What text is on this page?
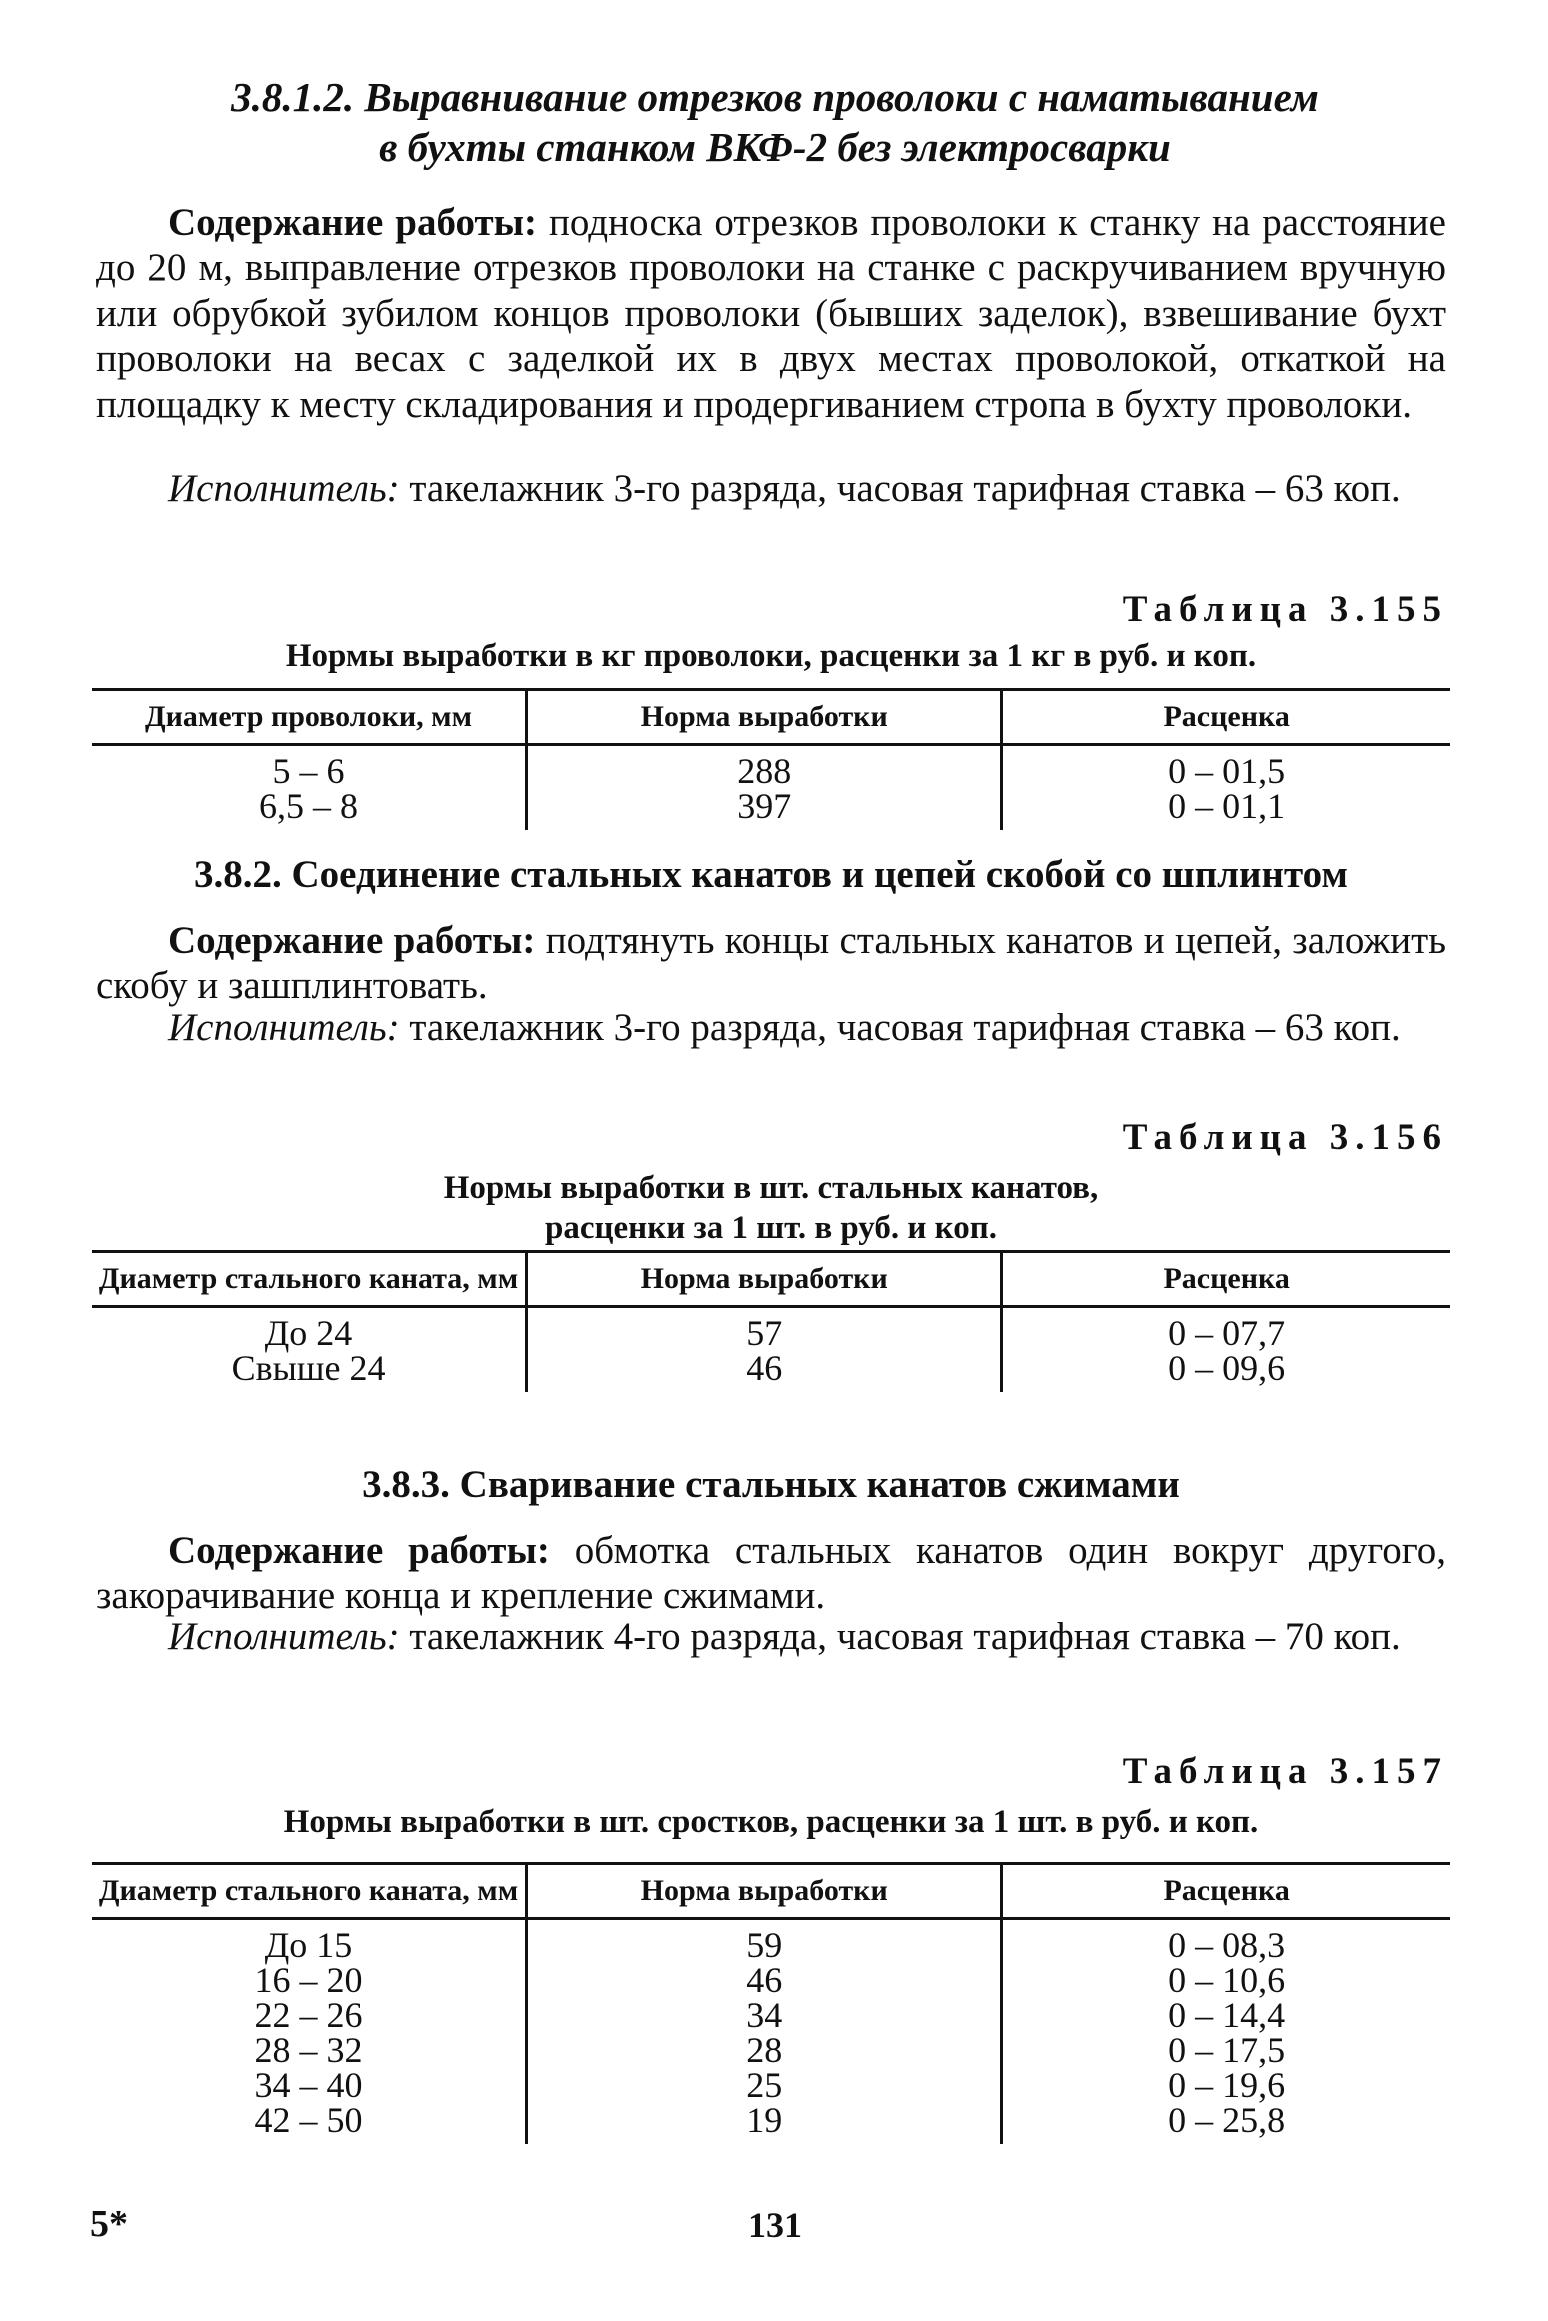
3.8.1.2. Выравнивание отрезков проволоки с наматыванием
в бухты станком ВКФ-2 без электросварки
Содержание работы: подноска отрезков проволоки к станку на расстояние до 20 м, выправление отрезков проволоки на станке с раскручиванием вручную или обрубкой зубилом концов проволоки (бывших заделок), взвешивание бухт проволоки на весах с заделкой их в двух местах проволокой, откаткой на площадку к месту складирования и продергиванием стропа в бухту проволоки.
Исполнитель: такелажник 3-го разряда, часовая тарифная ставка – 63 коп.
Таблица 3.155
Нормы выработки в кг проволоки, расценки за 1 кг в руб. и коп.
Диаметр проволоки, мм	Норма выработки	Расценка
5 – 6	288	0 – 01,5
6,5 – 8	397	0 – 01,1
3.8.2. Соединение стальных канатов и цепей скобой со шплинтом
Содержание работы: подтянуть концы стальных канатов и цепей, заложить скобу и зашплинтовать.
Исполнитель: такелажник 3-го разряда, часовая тарифная ставка – 63 коп.
Таблица 3.156
Нормы выработки в шт. стальных канатов,
расценки за 1 шт. в руб. и коп.
Диаметр стального каната, мм	Норма выработки	Расценка
До 24	57	0 – 07,7
Свыше 24	46	0 – 09,6
3.8.3. Сваривание стальных канатов сжимами
Содержание работы: обмотка стальных канатов один вокруг другого, закорачивание конца и крепление сжимами.
Исполнитель: такелажник 4-го разряда, часовая тарифная ставка – 70 коп.
Таблица 3.157
Нормы выработки в шт. сростков, расценки за 1 шт. в руб. и коп.
Диаметр стального каната, мм	Норма выработки	Расценка
До 15	59	0 – 08,3
16 – 20	46	0 – 10,6
22 – 26	34	0 – 14,4
28 – 32	28	0 – 17,5
34 – 40	25	0 – 19,6
42 – 50	19	0 – 25,8
5*	131
